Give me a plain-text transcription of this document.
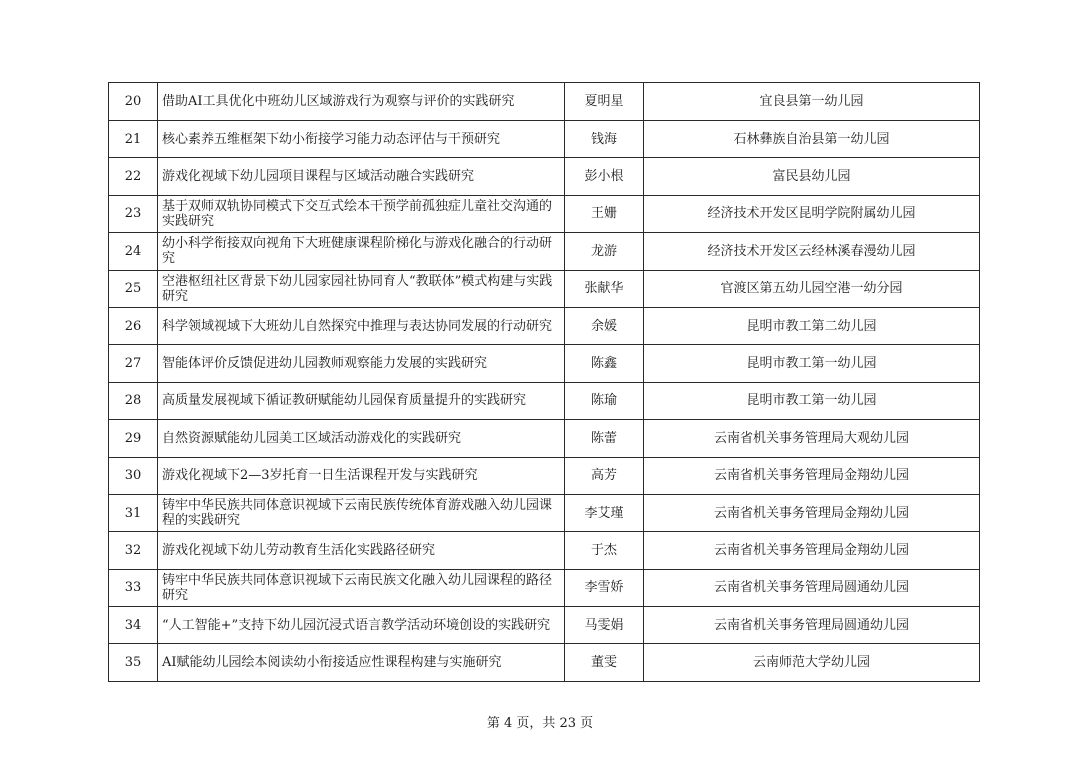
20	借助AI工具优化中班幼儿区域游戏行为观察与评价的实践研究	夏明星	宜良县第一幼儿园
21	核心素养五维框架下幼小衔接学习能力动态评估与干预研究	钱海	石林彝族自治县第一幼儿园
22	游戏化视域下幼儿园项目课程与区域活动融合实践研究	彭小根	富民县幼儿园
23	基于双师双轨协同模式下交互式绘本干预学前孤独症儿童社交沟通的实践研究	王姗	经济技术开发区昆明学院附属幼儿园
24	幼小科学衔接双向视角下大班健康课程阶梯化与游戏化融合的行动研究	龙游	经济技术开发区云经林溪春漫幼儿园
25	空港枢纽社区背景下幼儿园家园社协同育人“教联体”模式构建与实践研究	张献华	官渡区第五幼儿园空港一幼分园
26	科学领域视域下大班幼儿自然探究中推理与表达协同发展的行动研究	余媛	昆明市教工第二幼儿园
27	智能体评价反馈促进幼儿园教师观察能力发展的实践研究	陈鑫	昆明市教工第一幼儿园
28	高质量发展视域下循证教研赋能幼儿园保育质量提升的实践研究	陈瑜	昆明市教工第一幼儿园
29	自然资源赋能幼儿园美工区域活动游戏化的实践研究	陈蕾	云南省机关事务管理局大观幼儿园
30	游戏化视域下2—3岁托育一日生活课程开发与实践研究	高芳	云南省机关事务管理局金翔幼儿园
31	铸牢中华民族共同体意识视域下云南民族传统体育游戏融入幼儿园课程的实践研究	李艾瑾	云南省机关事务管理局金翔幼儿园
32	游戏化视域下幼儿劳动教育生活化实践路径研究	于杰	云南省机关事务管理局金翔幼儿园
33	铸牢中华民族共同体意识视域下云南民族文化融入幼儿园课程的路径研究	李雪娇	云南省机关事务管理局圆通幼儿园
34	“人工智能+”支持下幼儿园沉浸式语言教学活动环境创设的实践研究	马雯娟	云南省机关事务管理局圆通幼儿园
35	AI赋能幼儿园绘本阅读幼小衔接适应性课程构建与实施研究	董雯	云南师范大学幼儿园
第 4 页，共 23 页
